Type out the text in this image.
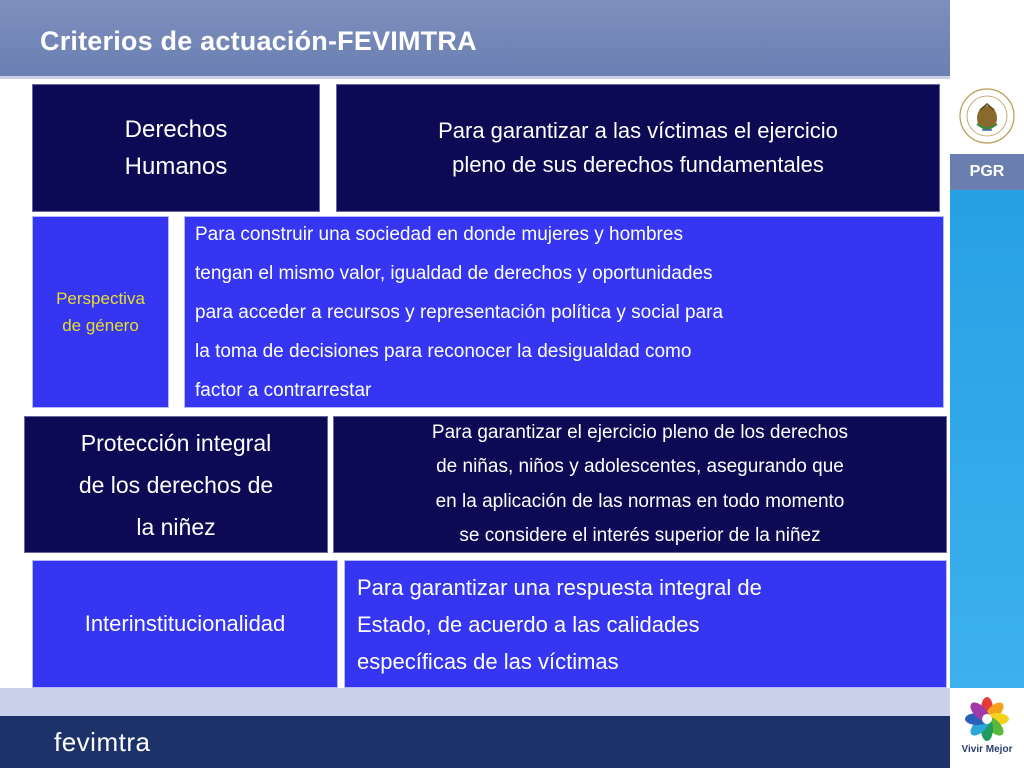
Criterios de actuación-FEVIMTRA
PGR
Vivir Mejor
Derechos
Humanos
Para garantizar a las víctimas el ejercicio
pleno de sus derechos fundamentales
Perspectiva
de género
Para construir una sociedad en donde mujeres y hombres
tengan el mismo valor, igualdad de derechos y oportunidades
para acceder a recursos y representación política y social para
la toma de decisiones para reconocer la desigualdad como
factor a contrarrestar
Protección integral
de los derechos de
la niñez
Para garantizar el ejercicio pleno de los derechos
de niñas, niños y adolescentes, asegurando que
en la aplicación de las normas en todo momento
se considere el interés superior de la niñez
Interinstitucionalidad
Para garantizar una respuesta integral de
Estado, de acuerdo a las calidades
específicas de las víctimas
fevimtra
